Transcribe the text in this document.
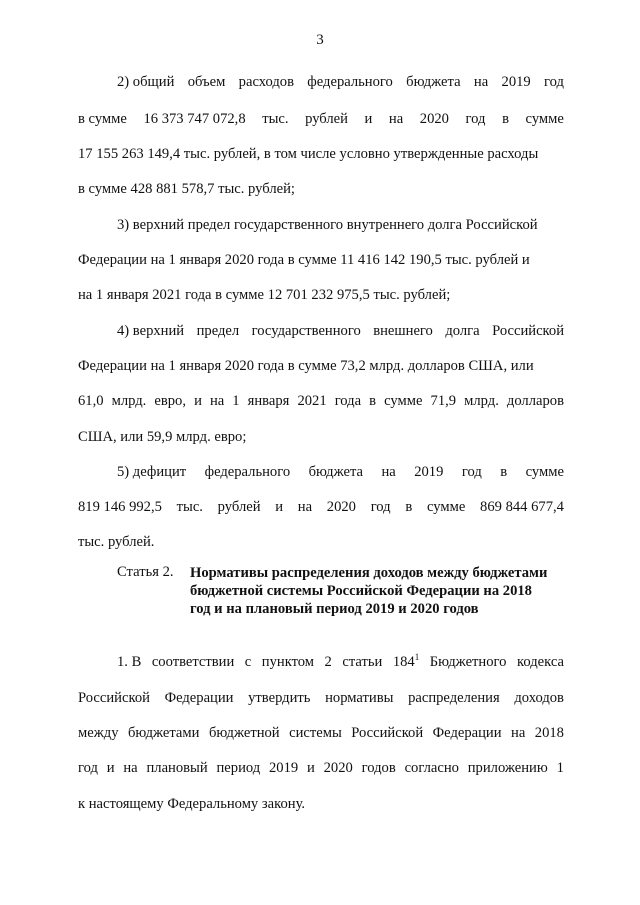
3
2) общий объем расходов федерального бюджета на 2019 год
в сумме 16 373 747 072,8 тыс. рублей и на 2020 год в сумме
17 155 263 149,4 тыс. рублей, в том числе условно утвержденные расходы
в сумме 428 881 578,7 тыс. рублей;
3) верхний предел государственного внутреннего долга Российской
Федерации на 1 января 2020 года в сумме 11 416 142 190,5 тыс. рублей и
на 1 января 2021 года в сумме 12 701 232 975,5 тыс. рублей;
4) верхний предел государственного внешнего долга Российской
Федерации на 1 января 2020 года в сумме 73,2 млрд. долларов США, или
61,0 млрд. евро, и на 1 января 2021 года в сумме 71,9 млрд. долларов
США, или 59,9 млрд. евро;
5) дефицит федерального бюджета на 2019 год в сумме
819 146 992,5 тыс. рублей и на 2020 год в сумме 869 844 677,4
тыс. рублей.
Статья 2. Нормативы распределения доходов между бюджетами
бюджетной системы Российской Федерации на 2018
год и на плановый период 2019 и 2020 годов
1. В соответствии с пунктом 2 статьи $184^1$ Бюджетного кодекса
Российской Федерации утвердить нормативы распределения доходов
между бюджетами бюджетной системы Российской Федерации на 2018
год и на плановый период 2019 и 2020 годов согласно приложению 1
к настоящему Федеральному закону.
